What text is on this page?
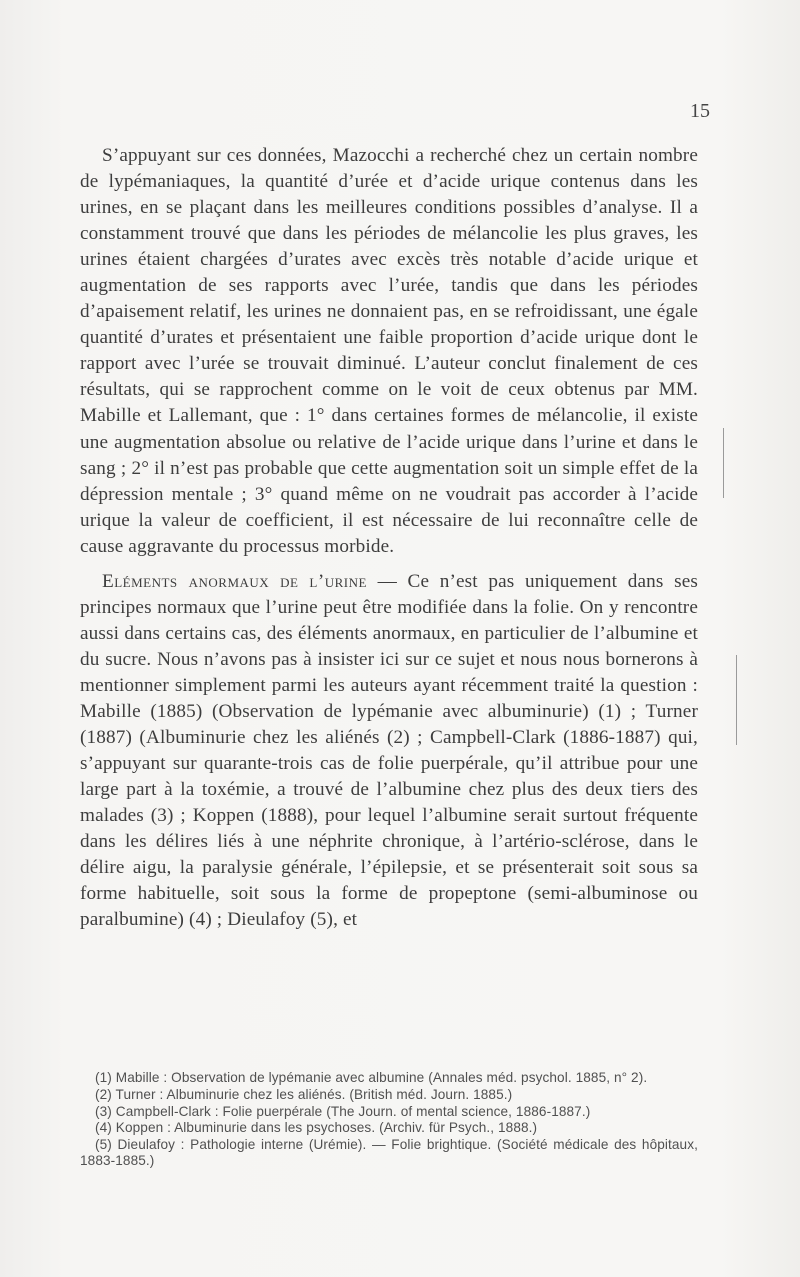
15

S’appuyant sur ces données, Mazocchi a recherché chez un certain nombre de lypémaniaques, la quantité d’urée et d’acide urique contenus dans les urines, en se plaçant dans les meilleures conditions possibles d’analyse. Il a constamment trouvé que dans les périodes de mélancolie les plus graves, les urines étaient chargées d’urates avec excès très notable d’acide urique et augmentation de ses rapports avec l’urée, tandis que dans les périodes d’apaisement relatif, les urines ne donnaient pas, en se refroidissant, une égale quantité d’urates et présentaient une faible proportion d’acide urique dont le rapport avec l’urée se trouvait diminué. L’auteur conclut finalement de ces résultats, qui se rapprochent comme on le voit de ceux obtenus par MM. Mabille et Lallemant, que : 1° dans certaines formes de mélancolie, il existe une augmentation absolue ou relative de l’acide urique dans l’urine et dans le sang ; 2° il n’est pas probable que cette augmentation soit un simple effet de la dépression mentale ; 3° quand même on ne voudrait pas accorder à l’acide urique la valeur de coefficient, il est nécessaire de lui reconnaître celle de cause aggravante du processus morbide.

Eléments anormaux de l’urine — Ce n’est pas uniquement dans ses principes normaux que l’urine peut être modifiée dans la folie. On y rencontre aussi dans certains cas, des éléments anormaux, en particulier de l’albumine et du sucre. Nous n’avons pas à insister ici sur ce sujet et nous nous bornerons à mentionner simplement parmi les auteurs ayant récemment traité la question : Mabille (1885) (Observation de lypémanie avec albuminurie) (1) ; Turner (1887) (Albuminurie chez les aliénés (2) ; Campbell-Clark (1886-1887) qui, s’appuyant sur quarante-trois cas de folie puerpérale, qu’il attribue pour une large part à la toxémie, a trouvé de l’albumine chez plus des deux tiers des malades (3) ; Koppen (1888), pour lequel l’albumine serait surtout fréquente dans les délires liés à une néphrite chronique, à l’artério-sclérose, dans le délire aigu, la paralysie générale, l’épilepsie, et se présenterait soit sous sa forme habituelle, soit sous la forme de propeptone (semi-albuminose ou paralbumine) (4) ; Dieulafoy (5), et

(1) Mabille : Observation de lypémanie avec albumine (Annales méd. psychol. 1885, n° 2).

(2) Turner : Albuminurie chez les aliénés. (British méd. Journ. 1885.)

(3) Campbell-Clark : Folie puerpérale (The Journ. of mental science, 1886-1887.)

(4) Koppen : Albuminurie dans les psychoses. (Archiv. für Psych., 1888.)

(5) Dieulafoy : Pathologie interne (Urémie). — Folie brightique. (Société médicale des hôpitaux, 1883-1885.)
